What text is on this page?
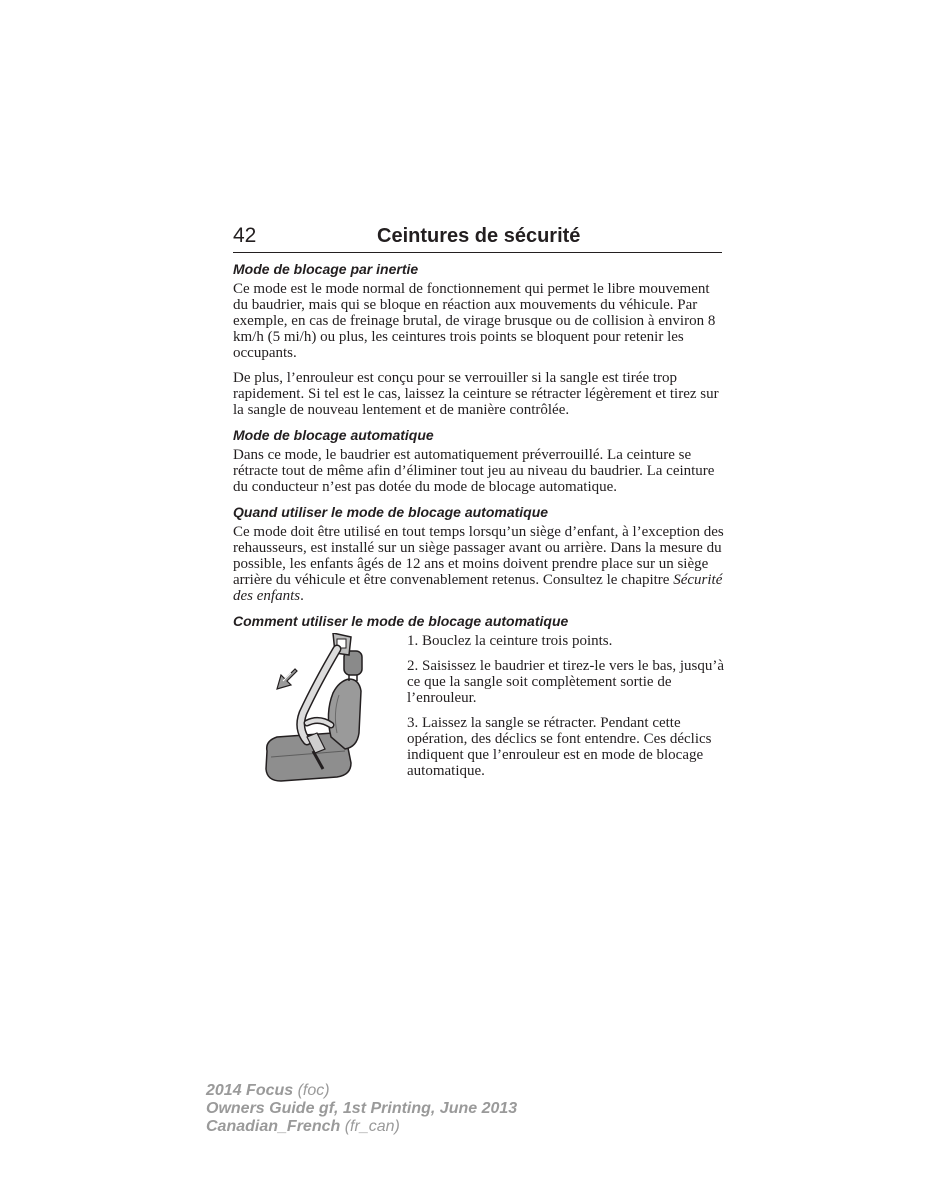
42	Ceintures de sécurité
Mode de blocage par inertie

Ce mode est le mode normal de fonctionnement qui permet le libre mouvement du baudrier, mais qui se bloque en réaction aux mouvements du véhicule. Par exemple, en cas de freinage brutal, de virage brusque ou de collision à environ 8 km/h (5 mi/h) ou plus, les ceintures trois points se bloquent pour retenir les occupants.

De plus, l’enrouleur est conçu pour se verrouiller si la sangle est tirée trop rapidement. Si tel est le cas, laissez la ceinture se rétracter légèrement et tirez sur la sangle de nouveau lentement et de manière contrôlée.

Mode de blocage automatique

Dans ce mode, le baudrier est automatiquement préverrouillé. La ceinture se rétracte tout de même afin d’éliminer tout jeu au niveau du baudrier. La ceinture du conducteur n’est pas dotée du mode de blocage automatique.

Quand utiliser le mode de blocage automatique

Ce mode doit être utilisé en tout temps lorsqu’un siège d’enfant, à l’exception des rehausseurs, est installé sur un siège passager avant ou arrière. Dans la mesure du possible, les enfants âgés de 12 ans et moins doivent prendre place sur un siège arrière du véhicule et être convenablement retenus. Consultez le chapitre Sécurité des enfants.

Comment utiliser le mode de blocage automatique

1. Bouclez la ceinture trois points.

2. Saisissez le baudrier et tirez-le vers le bas, jusqu’à ce que la sangle soit complètement sortie de l’enrouleur.

3. Laissez la sangle se rétracter. Pendant cette opération, des déclics se font entendre. Ces déclics indiquent que l’enrouleur est en mode de blocage automatique.

2014 Focus (foc)
Owners Guide gf, 1st Printing, June 2013
Canadian_French (fr_can)
